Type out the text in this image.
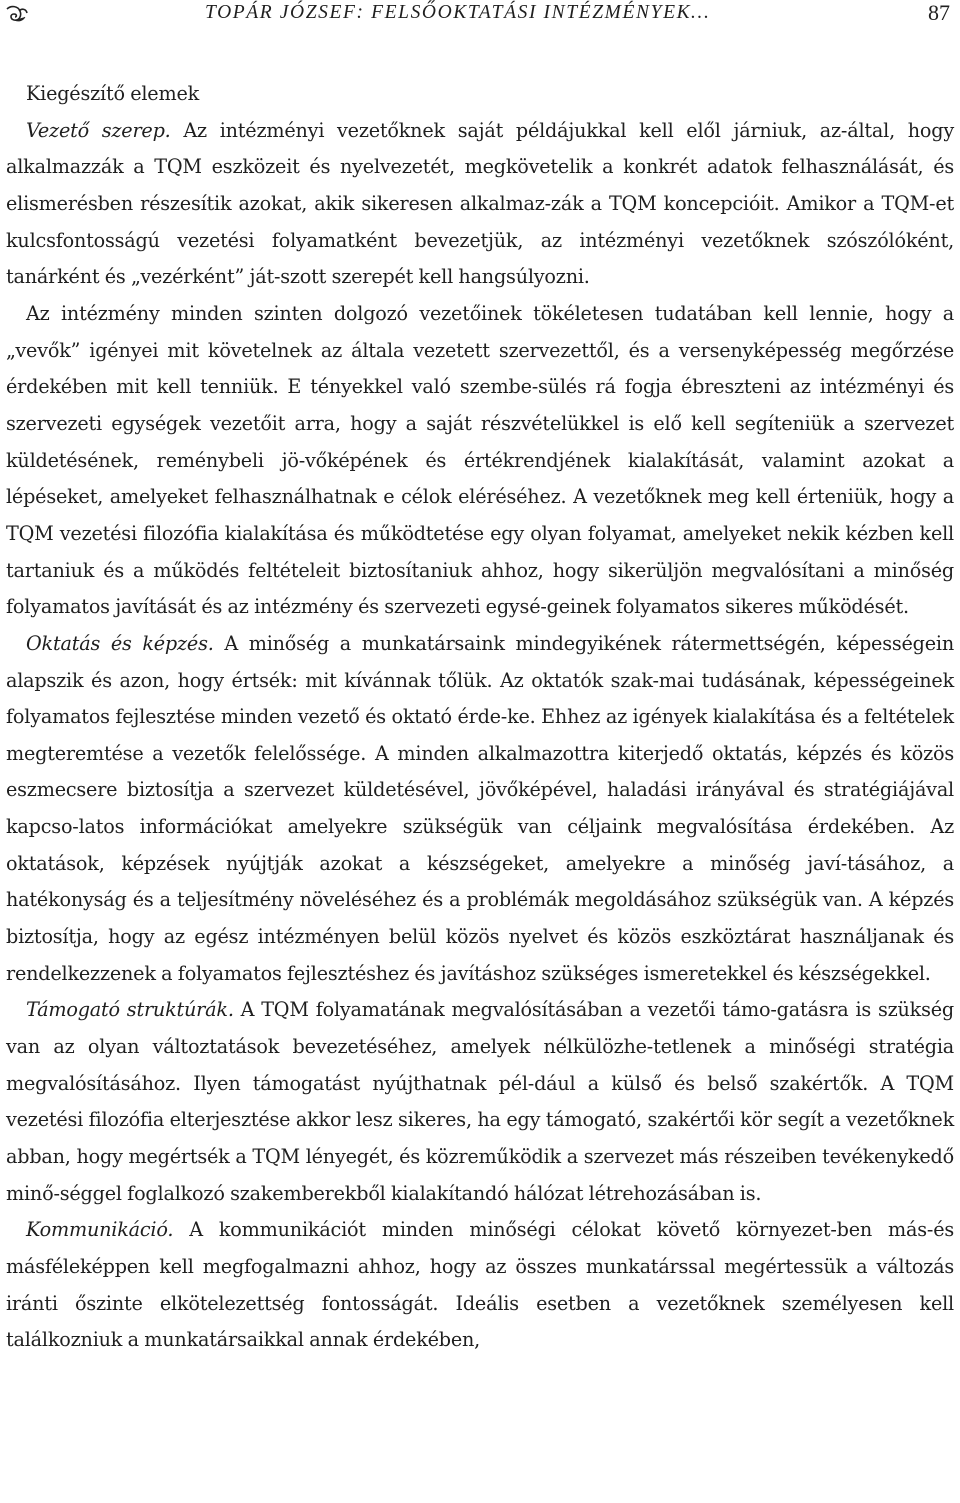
TOPÁR JÓZSEF: FELSŐOKTATÁSI INTÉZMÉNYEK…	87
Kiegészítő elemek

Vezető szerep. Az intézményi vezetőknek saját példájukkal kell elől járniuk, az-által, hogy alkalmazzák a TQM eszközeit és nyelvezetét, megkövetelik a konkrét adatok felhasználását, és elismerésben részesítik azokat, akik sikeresen alkalmaz-zák a TQM koncepcióit. Amikor a TQM-et kulcsfontosságú vezetési folyamatként bevezetjük, az intézményi vezetőknek szószólóként, tanárként és „vezérként” ját-szott szerepét kell hangsúlyozni.

Az intézmény minden szinten dolgozó vezetőinek tökéletesen tudatában kell lennie, hogy a „vevők” igényei mit követelnek az általa vezetett szervezettől, és a versenyképesség megőrzése érdekében mit kell tenniük. E tényekkel való szembe-sülés rá fogja ébreszteni az intézményi és szervezeti egységek vezetőit arra, hogy a saját részvételükkel is elő kell segíteniük a szervezet küldetésének, reménybeli jö-vőképének és értékrendjének kialakítását, valamint azokat a lépéseket, amelyeket felhasználhatnak e célok eléréséhez. A vezetőknek meg kell érteniük, hogy a TQM vezetési filozófia kialakítása és működtetése egy olyan folyamat, amelyeket nekik kézben kell tartaniuk és a működés feltételeit biztosítaniuk ahhoz, hogy sikerüljön megvalósítani a minőség folyamatos javítását és az intézmény és szervezeti egysé-geinek folyamatos sikeres működését.

Oktatás és képzés. A minőség a munkatársaink mindegyikének rátermettségén, képességein alapszik és azon, hogy értsék: mit kívánnak tőlük. Az oktatók szak-mai tudásának, képességeinek folyamatos fejlesztése minden vezető és oktató érde-ke. Ehhez az igények kialakítása és a feltételek megteremtése a vezetők felelőssége. A minden alkalmazottra kiterjedő oktatás, képzés és közös eszmecsere biztosítja a szervezet küldetésével, jövőképével, haladási irányával és stratégiájával kapcso-latos információkat amelyekre szükségük van céljaink megvalósítása érdekében. Az oktatások, képzések nyújtják azokat a készségeket, amelyekre a minőség javí-tásához, a hatékonyság és a teljesítmény növeléséhez és a problémák megoldásához szükségük van. A képzés biztosítja, hogy az egész intézményen belül közös nyelvet és közös eszköztárat használjanak és rendelkezzenek a folyamatos fejlesztéshez és javításhoz szükséges ismeretekkel és készségekkel.

Támogató struktúrák. A TQM folyamatának megvalósításában a vezetői támo-gatásra is szükség van az olyan változtatások bevezetéséhez, amelyek nélkülözhe-tetlenek a minőségi stratégia megvalósításához. Ilyen támogatást nyújthatnak pél-dául a külső és belső szakértők. A TQM vezetési filozófia elterjesztése akkor lesz sikeres, ha egy támogató, szakértői kör segít a vezetőknek abban, hogy megértsék a TQM lényegét, és közreműködik a szervezet más részeiben tevékenykedő minő-séggel foglalkozó szakemberekből kialakítandó hálózat létrehozásában is.

Kommunikáció. A kommunikációt minden minőségi célokat követő környezet-ben más-és másféleképpen kell megfogalmazni ahhoz, hogy az összes munkatárssal megértessük a változás iránti őszinte elkötelezettség fontosságát. Ideális esetben a vezetőknek személyesen kell találkozniuk a munkatársaikkal annak érdekében,
